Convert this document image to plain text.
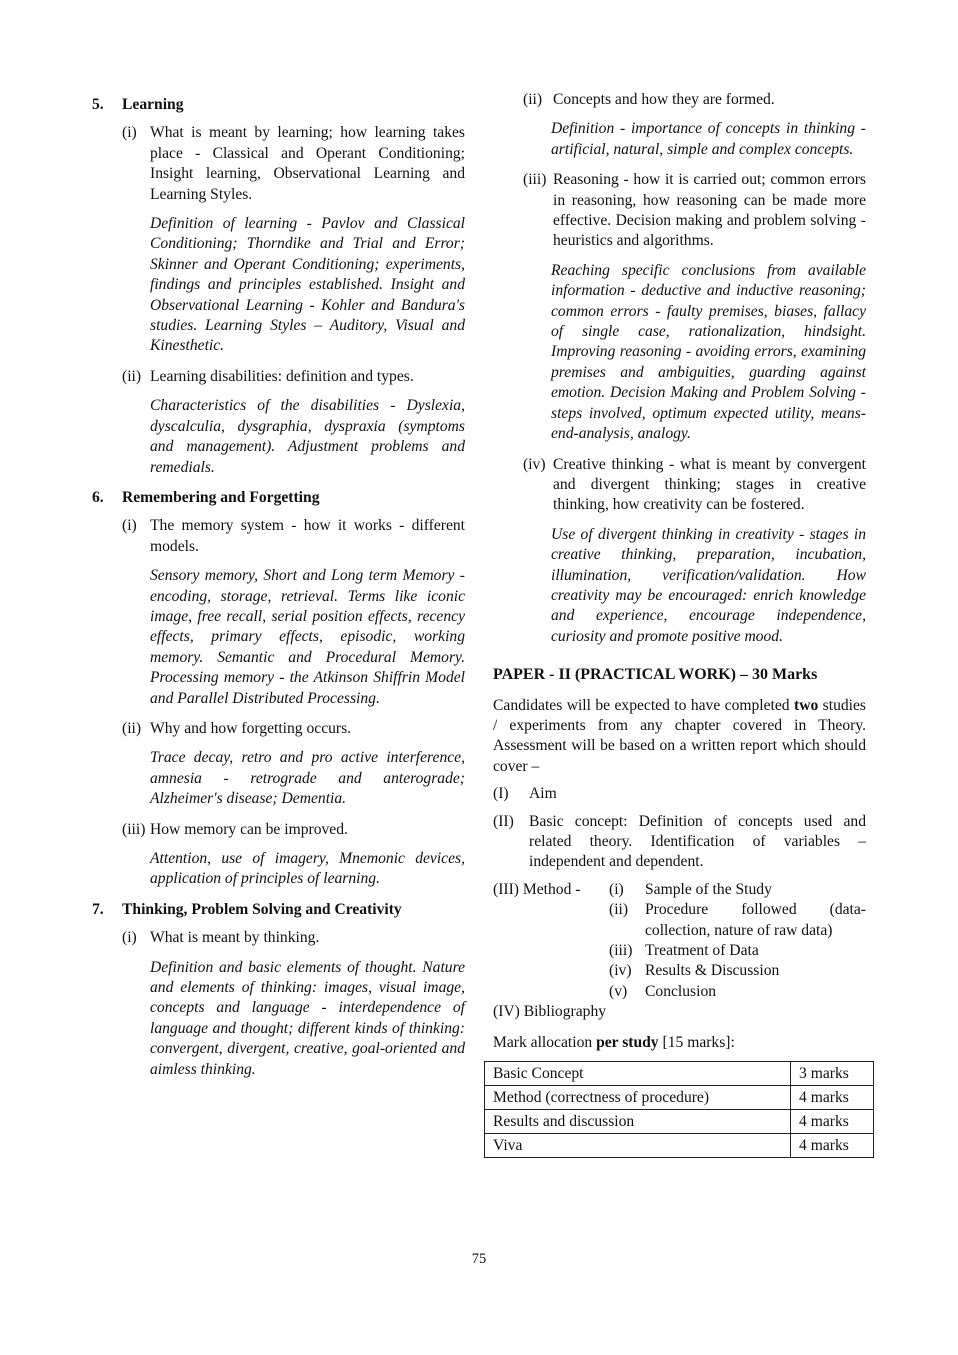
5.	Learning
(i) What is meant by learning; how learning takes place - Classical and Operant Conditioning; Insight learning, Observational Learning and Learning Styles.

Definition of learning - Pavlov and Classical Conditioning; Thorndike and Trial and Error; Skinner and Operant Conditioning; experiments, findings and principles established. Insight and Observational Learning - Kohler and Bandura's studies. Learning Styles – Auditory, Visual and Kinesthetic.

(ii) Learning disabilities: definition and types.

Characteristics of the disabilities - Dyslexia, dyscalculia, dysgraphia, dyspraxia (symptoms and management). Adjustment problems and remedials.

6.	Remembering and Forgetting
(i) The memory system - how it works - different models.

Sensory memory, Short and Long term Memory - encoding, storage, retrieval. Terms like iconic image, free recall, serial position effects, recency effects, primary effects, episodic, working memory. Semantic and Procedural Memory. Processing memory - the Atkinson Shiffrin Model and Parallel Distributed Processing.

(ii) Why and how forgetting occurs.

Trace decay, retro and pro active interference, amnesia - retrograde and anterograde; Alzheimer's disease; Dementia.

(iii) How memory can be improved.

Attention, use of imagery, Mnemonic devices, application of principles of learning.

7.	Thinking, Problem Solving and Creativity
(i) What is meant by thinking.

Definition and basic elements of thought. Nature and elements of thinking: images, visual image, concepts and language - interdependence of language and thought; different kinds of thinking: convergent, divergent, creative, goal-oriented and aimless thinking.

(ii) Concepts and how they are formed.

Definition - importance of concepts in thinking - artificial, natural, simple and complex concepts.

(iii) Reasoning - how it is carried out; common errors in reasoning, how reasoning can be made more effective. Decision making and problem solving - heuristics and algorithms.

Reaching specific conclusions from available information - deductive and inductive reasoning; common errors - faulty premises, biases, fallacy of single case, rationalization, hindsight. Improving reasoning - avoiding errors, examining premises and ambiguities, guarding against emotion. Decision Making and Problem Solving - steps involved, optimum expected utility, means-end-analysis, analogy.

(iv) Creative thinking - what is meant by convergent and divergent thinking; stages in creative thinking, how creativity can be fostered.

Use of divergent thinking in creativity - stages in creative thinking, preparation, incubation, illumination, verification/validation. How creativity may be encouraged: enrich knowledge and experience, encourage independence, curiosity and promote positive mood.

PAPER - II (PRACTICAL WORK) – 30 Marks

Candidates will be expected to have completed two studies / experiments from any chapter covered in Theory. Assessment will be based on a written report which should cover –

(I)	Aim
(II) Basic concept: Definition of concepts used and related theory. Identification of variables – independent and dependent.
(III) Method -	(i)	Sample of the Study
(ii)	Procedure followed (data-collection, nature of raw data)
(iii) Treatment of Data
(iv) Results & Discussion
(v)	Conclusion

(IV) Bibliography

Mark allocation per study [15 marks]:

Basic Concept	3 marks
Method (correctness of procedure)	4 marks
Results and discussion	4 marks
Viva	4 marks
75
